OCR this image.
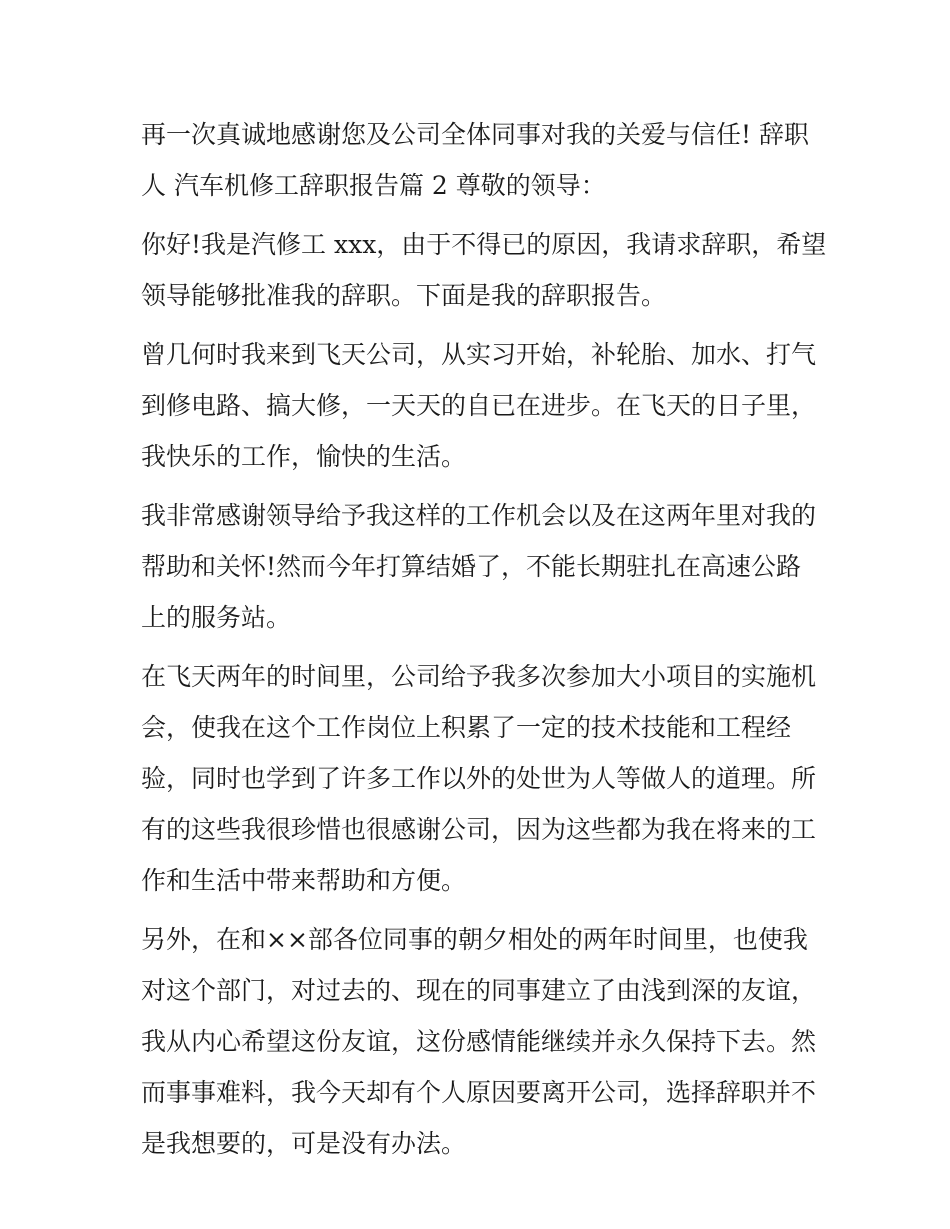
再一次真诚地感谢您及公司全体同事对我的关爱与信任! 辞职
人 汽车机修工辞职报告篇 2 尊敬的领导：
你好!我是汽修工 xxx，由于不得已的原因，我请求辞职，希望
领导能够批准我的辞职。下面是我的辞职报告。
曾几何时我来到飞天公司，从实习开始，补轮胎、加水、打气
到修电路、搞大修，一天天的自已在进步。在飞天的日子里，
我快乐的工作，愉快的生活。
我非常感谢领导给予我这样的工作机会以及在这两年里对我的
帮助和关怀!然而今年打算结婚了，不能长期驻扎在高速公路
上的服务站。
在飞天两年的时间里，公司给予我多次参加大小项目的实施机
会，使我在这个工作岗位上积累了一定的技术技能和工程经
验，同时也学到了许多工作以外的处世为人等做人的道理。所
有的这些我很珍惜也很感谢公司，因为这些都为我在将来的工
作和生活中带来帮助和方便。
另外，在和××部各位同事的朝夕相处的两年时间里，也使我
对这个部门，对过去的、现在的同事建立了由浅到深的友谊，
我从内心希望这份友谊，这份感情能继续并永久保持下去。然
而事事难料，我今天却有个人原因要离开公司，选择辞职并不
是我想要的，可是没有办法。
